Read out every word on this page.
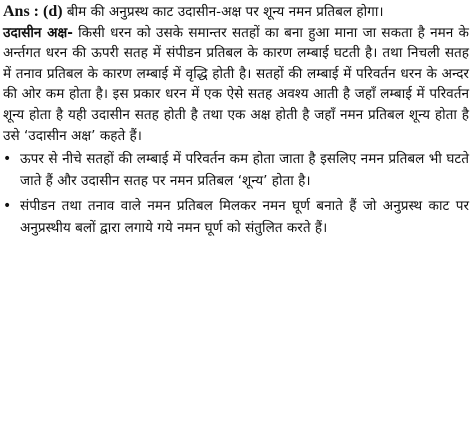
Ans : (d) बीम की अनुप्रस्थ काट उदासीन-अक्ष पर शून्य नमन प्रतिबल होगा।

उदासीन अक्ष- किसी धरन को उसके समान्तर सतहों का बना हुआ माना जा सकता है नमन के अर्न्तगत धरन की ऊपरी सतह में संपीडन प्रतिबल के कारण लम्बाई घटती है। तथा निचली सतह में तनाव प्रतिबल के कारण लम्बाई में वृद्धि होती है। सतहों की लम्बाई में परिवर्तन धरन के अन्दर की ओर कम होता है। इस प्रकार धरन में एक ऐसे सतह अवश्य आती है जहाँ लम्बाई में परिवर्तन शून्य होता है यही उदासीन सतह होती है तथा एक अक्ष होती है जहाँ नमन प्रतिबल शून्य होता है उसे ‘उदासीन अक्ष’ कहते हैं।

• ऊपर से नीचे सतहों की लम्बाई में परिवर्तन कम होता जाता है इसलिए नमन प्रतिबल भी घटते जाते हैं और उदासीन सतह पर नमन प्रतिबल ‘शून्य’ होता है।
• संपीडन तथा तनाव वाले नमन प्रतिबल मिलकर नमन घूर्ण बनाते हैं जो अनुप्रस्थ काट पर अनुप्रस्थीय बलों द्वारा लगाये गये नमन घूर्ण को संतुलित करते हैं।
